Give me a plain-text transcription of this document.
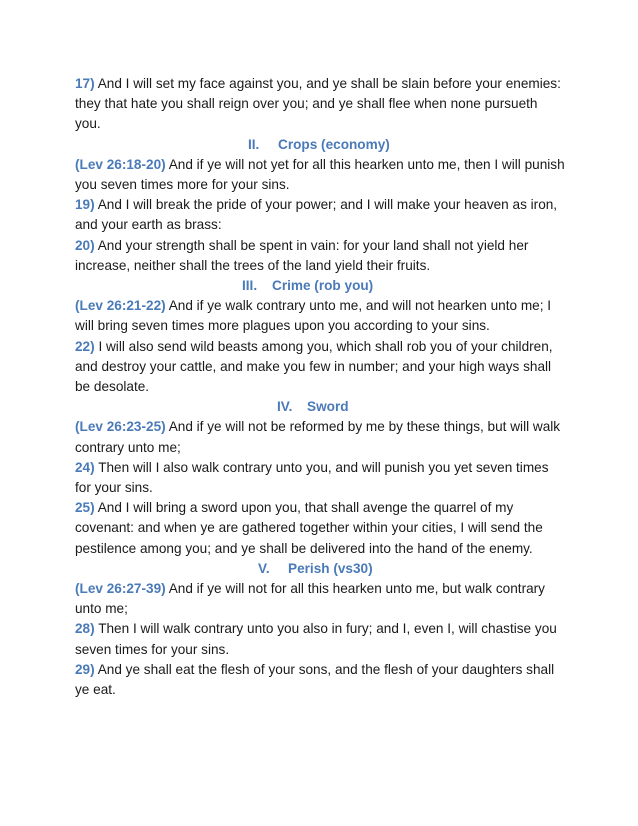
17) And I will set my face against you, and ye shall be slain before your enemies: they that hate you shall reign over you; and ye shall flee when none pursueth you.

II. Crops (economy)

(Lev 26:18-20) And if ye will not yet for all this hearken unto me, then I will punish you seven times more for your sins.

19) And I will break the pride of your power; and I will make your heaven as iron, and your earth as brass:

20) And your strength shall be spent in vain: for your land shall not yield her increase, neither shall the trees of the land yield their fruits.

III. Crime (rob you)

(Lev 26:21-22) And if ye walk contrary unto me, and will not hearken unto me; I will bring seven times more plagues upon you according to your sins.

22) I will also send wild beasts among you, which shall rob you of your children, and destroy your cattle, and make you few in number; and your high ways shall be desolate.

IV. Sword

(Lev 26:23-25) And if ye will not be reformed by me by these things, but will walk contrary unto me;

24) Then will I also walk contrary unto you, and will punish you yet seven times for your sins.

25) And I will bring a sword upon you, that shall avenge the quarrel of my covenant: and when ye are gathered together within your cities, I will send the pestilence among you; and ye shall be delivered into the hand of the enemy.

V. Perish (vs30)

(Lev 26:27-39) And if ye will not for all this hearken unto me, but walk contrary unto me;

28) Then I will walk contrary unto you also in fury; and I, even I, will chastise you seven times for your sins.

29) And ye shall eat the flesh of your sons, and the flesh of your daughters shall ye eat.
